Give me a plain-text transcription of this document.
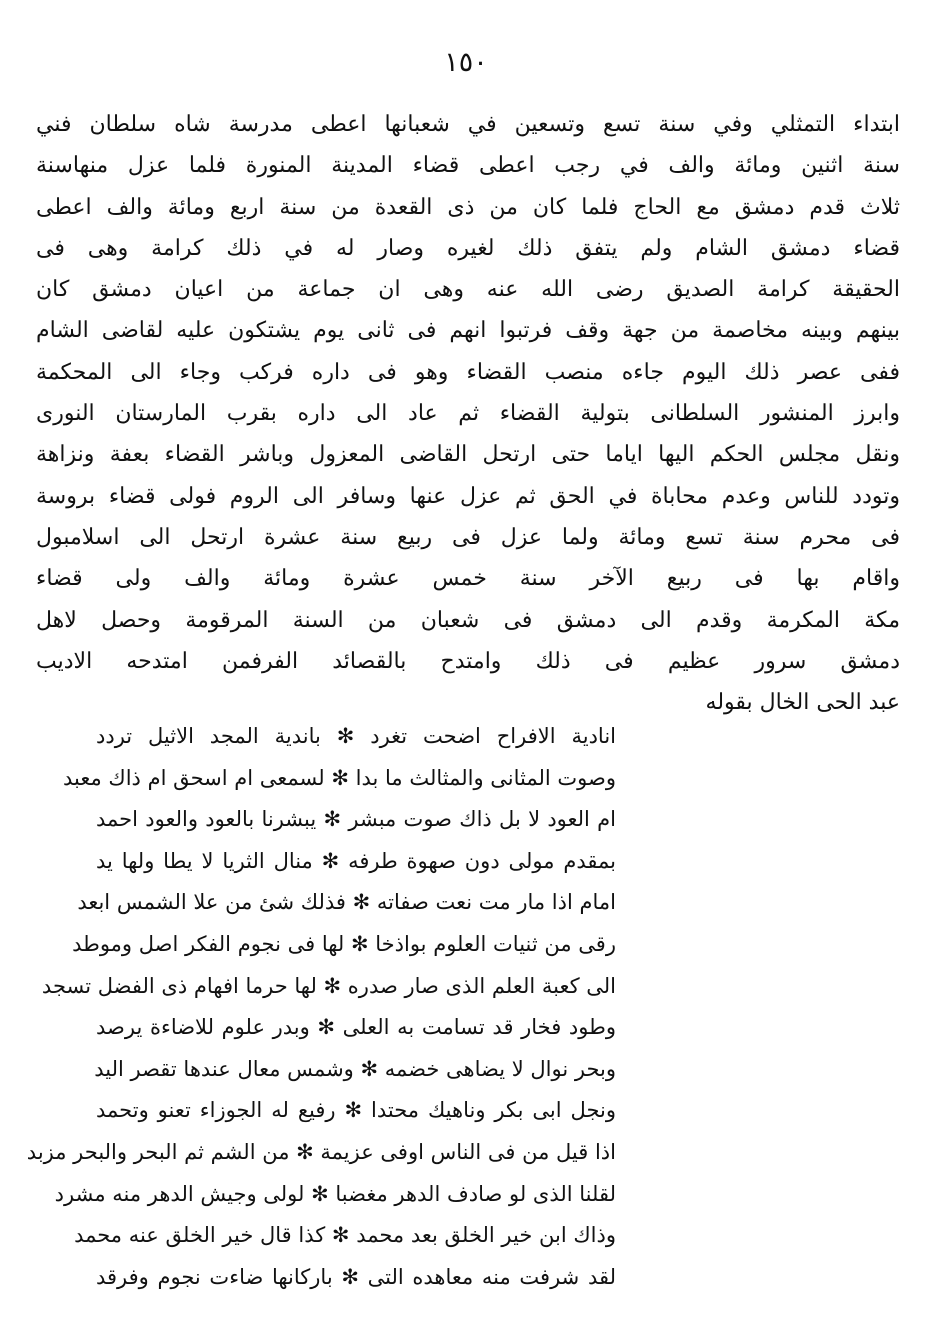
١٥٠
ابتداء التمثلي وفي سنة تسع وتسعين في شعبانها اعطى مدرسة شاه سلطان فني
سنة اثنين ومائة والف في رجب اعطى قضاء المدينة المنورة فلما عزل منهاسنة
ثلاث قدم دمشق مع الحاج فلما كان من ذى القعدة من سنة اربع ومائة والف اعطى
قضاء دمشق الشام ولم يتفق ذلك لغيره وصار له في ذلك كرامة وهى فى
الحقيقة كرامة الصديق رضى الله عنه وهى ان جماعة من اعيان دمشق كان
بينهم وبينه مخاصمة من جهة وقف فرتبوا انهم فى ثانى يوم يشتكون عليه لقاضى الشام
ففى عصر ذلك اليوم جاءه منصب القضاء وهو فى داره فركب وجاء الى المحكمة
وابرز المنشور السلطانى بتولية القضاء ثم عاد الى داره بقرب المارستان النورى
ونقل مجلس الحكم اليها اياما حتى ارتحل القاضى المعزول وباشر القضاء بعفة ونزاهة
وتودد للناس وعدم محاباة في الحق ثم عزل عنها وسافر الى الروم فولى قضاء بروسة
فى محرم سنة تسع ومائة ولما عزل فى ربيع سنة عشرة ارتحل الى اسلامبول
واقام بها فى ربيع الآخر سنة خمس عشرة ومائة والف ولى قضاء
مكة المكرمة وقدم الى دمشق فى شعبان من السنة المرقومة وحصل لاهل
دمشق سرور عظيم فى ذلك وامتدح بالقصائد الفرفمن امتدحه الاديب
عبد الحى الخال بقوله
انادية الافراح اضحت تغرد ✻ باندية المجد الاثيل تردد
وصوت المثانى والمثالث ما بدا ✻ لسمعى ام اسحق ام ذاك معبد
ام العود لا بل ذاك صوت مبشر ✻ يبشرنا بالعود والعود احمد
بمقدم مولى دون صهوة طرفه ✻ منال الثريا لا يطا ولها يد
امام اذا مار مت نعت صفاته ✻ فذلك شئ من علا الشمس ابعد
رقى من ثنيات العلوم بواذخا ✻ لها فى نجوم الفكر اصل وموطد
الى كعبة العلم الذى صار صدره ✻ لها حرما افهام ذى الفضل تسجد
وطود فخار قد تسامت به العلى ✻ وبدر علوم للاضاءة يرصد
وبحر نوال لا يضاهى خضمه ✻ وشمس معال عندها تقصر اليد
ونجل ابى بكر وناهيك محتدا ✻ رفيع له الجوزاء تعنو وتحمد
اذا قيل من فى الناس اوفى عزيمة ✻ من الشم ثم البحر والبحر مزبد
لقلنا الذى لو صادف الدهر مغضبا ✻ لولى وجيش الدهر منه مشرد
وذاك ابن خير الخلق بعد محمد ✻ كذا قال خير الخلق عنه محمد
لقد شرفت منه معاهده التى ✻ باركانها ضاءت نجوم وفرقد
